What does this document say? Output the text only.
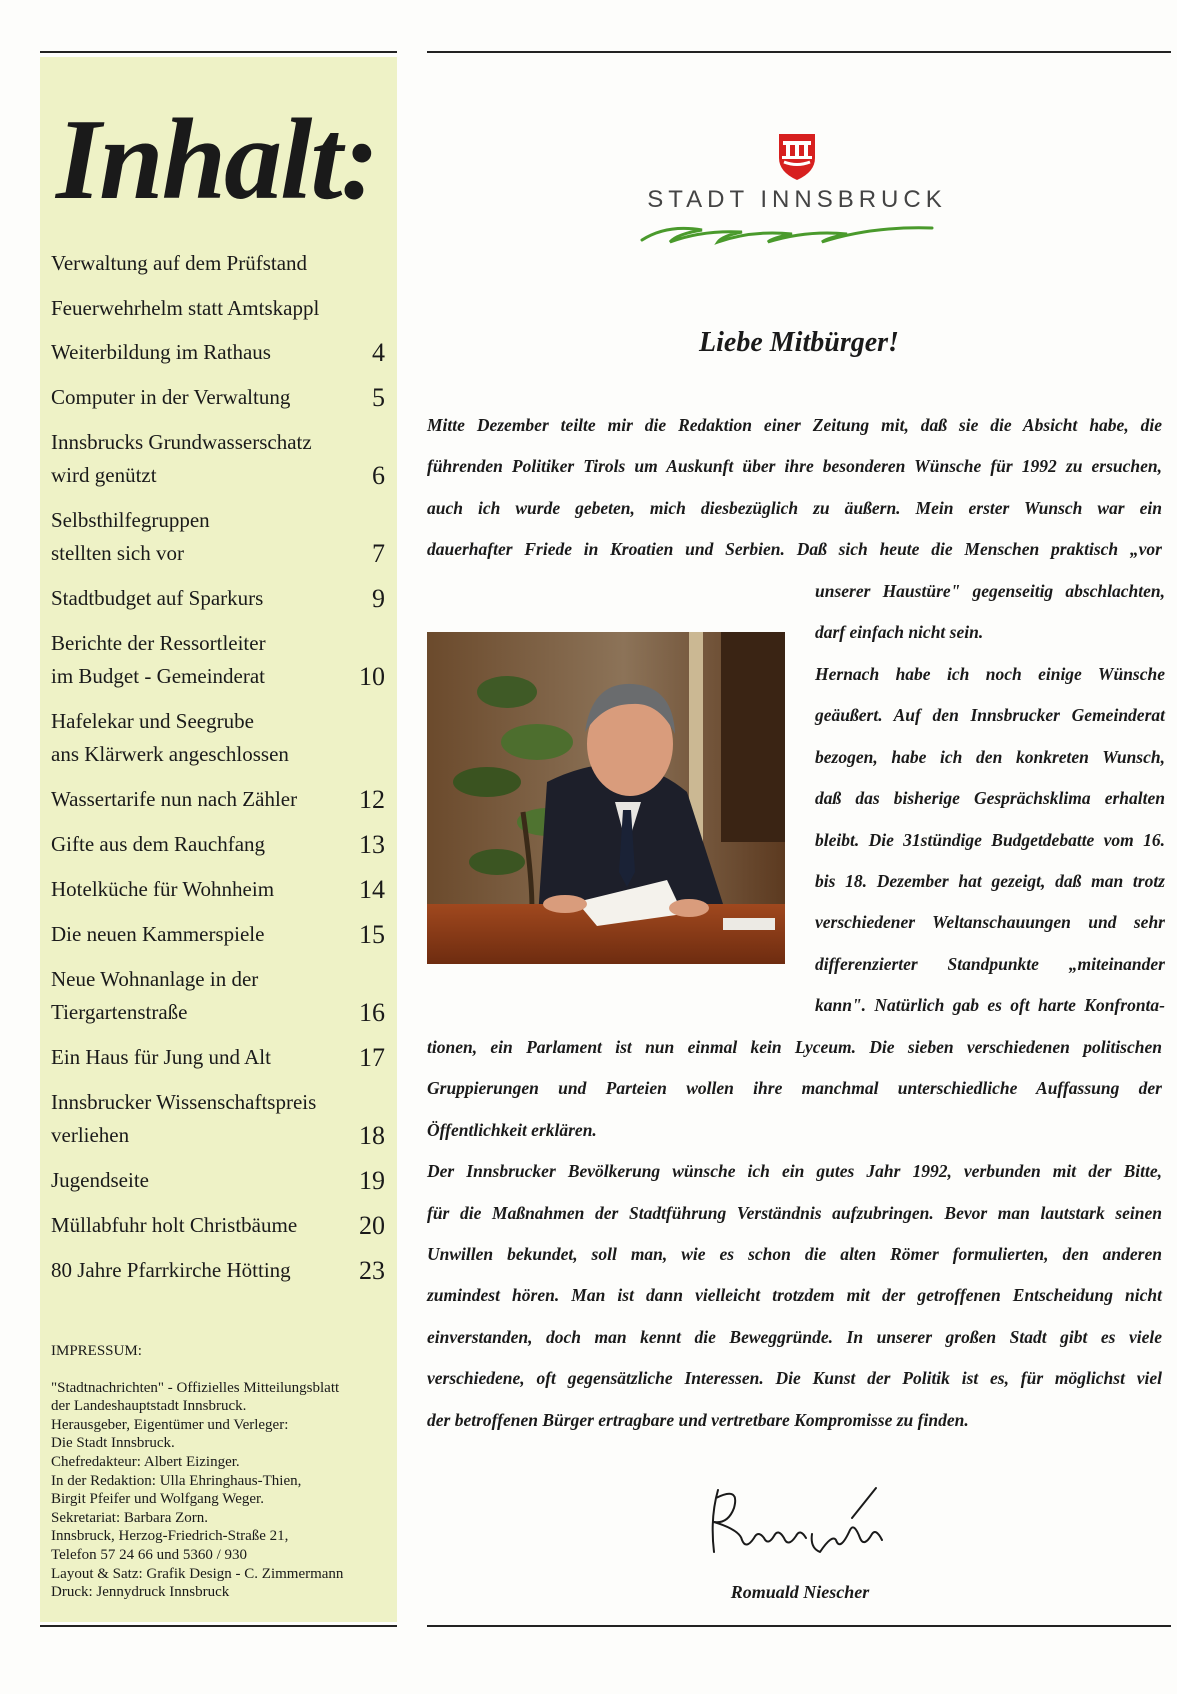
Inhalt:
Verwaltung auf dem Prüfstand
Feuerwehrhelm statt Amtskappl
Weiterbildung im Rathaus	4
Computer in der Verwaltung	5
Innsbrucks Grundwasserschatz
wird genützt	6
Selbsthilfegruppen
stellten sich vor	7
Stadtbudget auf Sparkurs	9
Berichte der Ressortleiter
im Budget - Gemeinderat	10
Hafelekar und Seegrube
ans Klärwerk angeschlossen
Wassertarife nun nach Zähler 12
Gifte aus dem Rauchfang	13
Hotelküche für Wohnheim	14
Die neuen Kammerspiele	15
Neue Wohnanlage in der
Tiergartenstraße	16
Ein Haus für Jung und Alt	17
Innsbrucker Wissenschaftspreis
verliehen	18
Jugendseite	19
Müllabfuhr holt Christbäume 20
80 Jahre Pfarrkirche Hötting	23
IMPRESSUM:
"Stadtnachrichten" - Offizielles Mitteilungsblatt
der Landeshauptstadt Innsbruck.
Herausgeber, Eigentümer und Verleger:
Die Stadt Innsbruck.
Chefredakteur: Albert Eizinger.
In der Redaktion: Ulla Ehringhaus-Thien,
Birgit Pfeifer und Wolfgang Weger.
Sekretariat: Barbara Zorn.
Innsbruck, Herzog-Friedrich-Straße 21,
Telefon 57 24 66 und 5360 / 930
Layout & Satz: Grafik Design - C. Zimmermann
Druck: Jennydruck Innsbruck
STADT INNSBRUCK
Liebe Mitbürger!

Mitte Dezember teilte mir die Redaktion einer Zeitung mit, daß sie die Absicht habe, die

führenden Politiker Tirols um Auskunft über ihre besonderen Wünsche für 1992 zu ersuchen,

auch ich wurde gebeten, mich diesbezüglich zu äußern. Mein erster Wunsch war ein

dauerhafter Friede in Kroatien und Serbien. Daß sich heute die Menschen praktisch „vor

unserer Haustüre" gegenseitig abschlachten,

darf einfach nicht sein.

Hernach habe ich noch einige Wünsche

geäußert. Auf den Innsbrucker Gemeinderat

bezogen, habe ich den konkreten Wunsch,

daß das bisherige Gesprächsklima erhalten

bleibt. Die 31stündige Budgetdebatte vom 16.

bis 18. Dezember hat gezeigt, daß man trotz

verschiedener Weltanschauungen und sehr

differenzierter Standpunkte „miteinander

kann". Natürlich gab es oft harte Konfronta-

tionen, ein Parlament ist nun einmal kein Lyceum. Die sieben verschiedenen politischen

Gruppierungen und Parteien wollen ihre manchmal unterschiedliche Auffassung der

Öffentlichkeit erklären.

Der Innsbrucker Bevölkerung wünsche ich ein gutes Jahr 1992, verbunden mit der Bitte,

für die Maßnahmen der Stadtführung Verständnis aufzubringen. Bevor man lautstark seinen

Unwillen bekundet, soll man, wie es schon die alten Römer formulierten, den anderen

zumindest hören. Man ist dann vielleicht trotzdem mit der getroffenen Entscheidung nicht

einverstanden, doch man kennt die Beweggründe. In unserer großen Stadt gibt es viele

verschiedene, oft gegensätzliche Interessen. Die Kunst der Politik ist es, für möglichst viel

der betroffenen Bürger ertragbare und vertretbare Kompromisse zu finden.

Romuald Niescher
